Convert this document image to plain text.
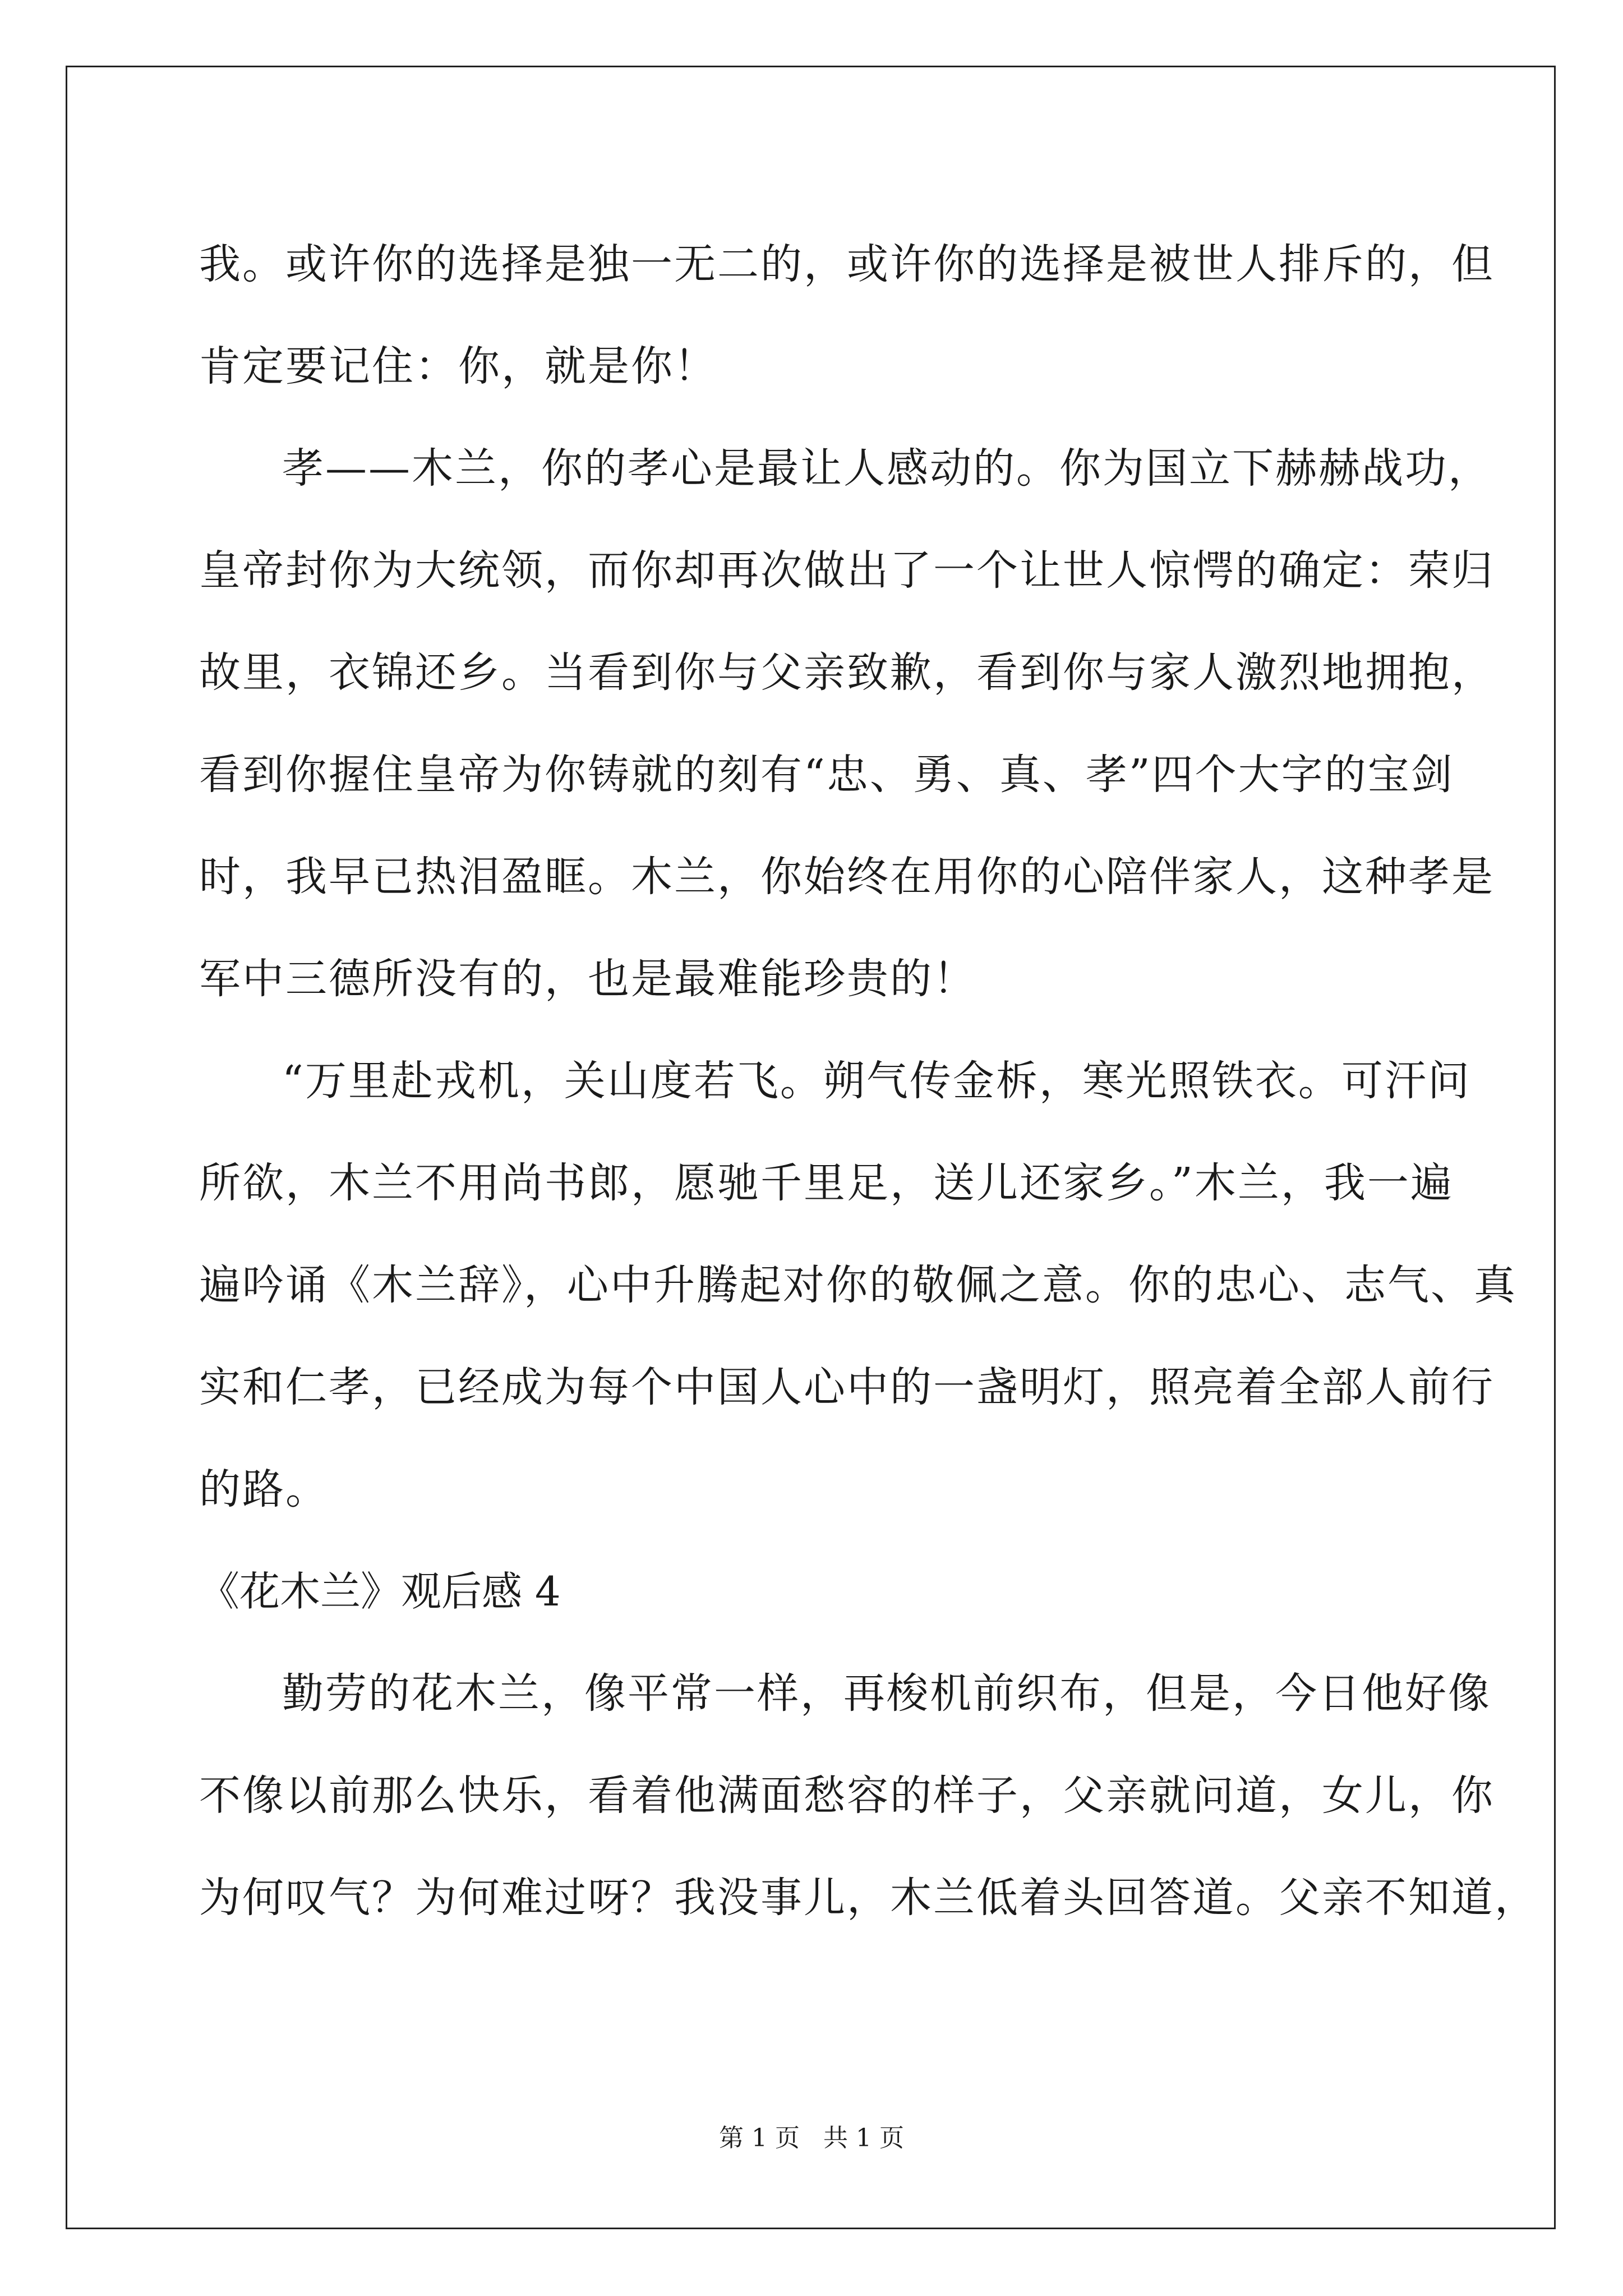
我。或许你的选择是独一无二的，或许你的选择是被世人排斥的，但
肯定要记住：你，就是你！
孝——木兰，你的孝心是最让人感动的。你为国立下赫赫战功，
皇帝封你为大统领，而你却再次做出了一个让世人惊愕的确定：荣归
故里，衣锦还乡。当看到你与父亲致歉，看到你与家人激烈地拥抱，
看到你握住皇帝为你铸就的刻有“忠、勇、真、孝”四个大字的宝剑
时，我早已热泪盈眶。木兰，你始终在用你的心陪伴家人，这种孝是
军中三德所没有的，也是最难能珍贵的！
“万里赴戎机，关山度若飞。朔气传金柝，寒光照铁衣。可汗问
所欲，木兰不用尚书郎，愿驰千里足，送儿还家乡。”木兰，我一遍
遍吟诵《木兰辞》，心中升腾起对你的敬佩之意。你的忠心、志气、真
实和仁孝，已经成为每个中国人心中的一盏明灯，照亮着全部人前行
的路。
《花木兰》观后感 4
勤劳的花木兰，像平常一样，再梭机前织布，但是，今日他好像
不像以前那么快乐，看着他满面愁容的样子，父亲就问道，女儿，你
为何叹气？为何难过呀？我没事儿，木兰低着头回答道。父亲不知道，
第 1 页   共 1 页
